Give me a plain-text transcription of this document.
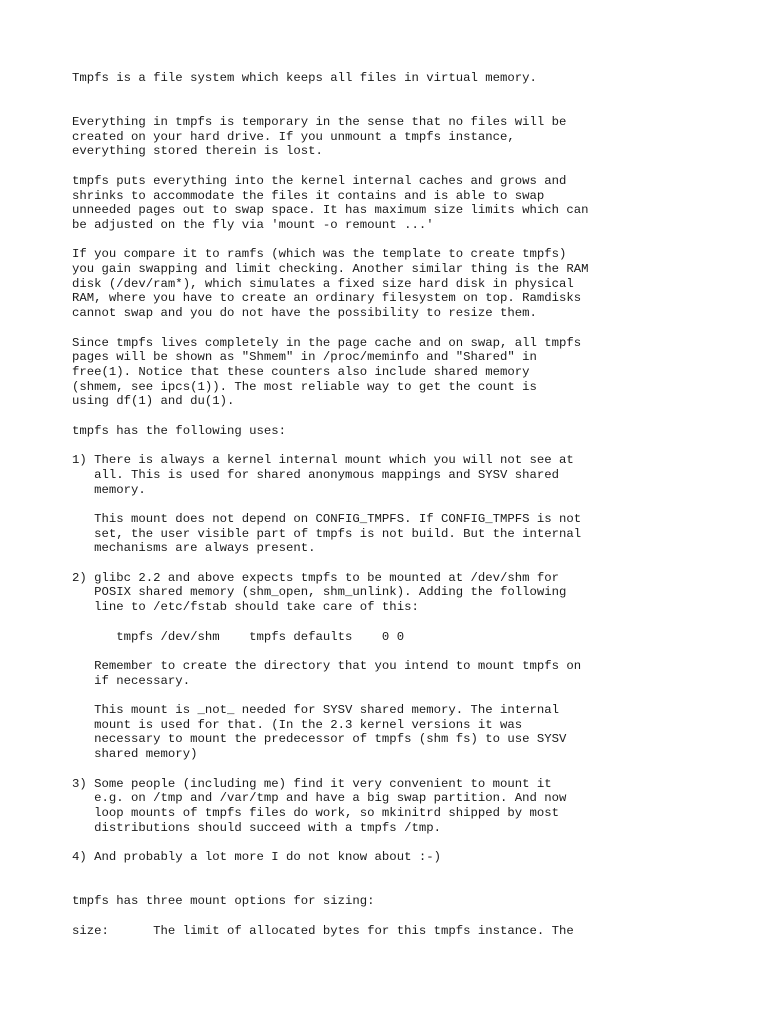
Tmpfs is a file system which keeps all files in virtual memory.
Everything in tmpfs is temporary in the sense that no files will be
created on your hard drive. If you unmount a tmpfs instance,
everything stored therein is lost.
tmpfs puts everything into the kernel internal caches and grows and
shrinks to accommodate the files it contains and is able to swap
unneeded pages out to swap space. It has maximum size limits which can
be adjusted on the fly via 'mount -o remount ...'
If you compare it to ramfs (which was the template to create tmpfs)
you gain swapping and limit checking. Another similar thing is the RAM
disk (/dev/ram*), which simulates a fixed size hard disk in physical
RAM, where you have to create an ordinary filesystem on top. Ramdisks
cannot swap and you do not have the possibility to resize them.
Since tmpfs lives completely in the page cache and on swap, all tmpfs
pages will be shown as "Shmem" in /proc/meminfo and "Shared" in
free(1). Notice that these counters also include shared memory
(shmem, see ipcs(1)). The most reliable way to get the count is
using df(1) and du(1).
tmpfs has the following uses:
1) There is always a kernel internal mount which you will not see at
all. This is used for shared anonymous mappings and SYSV shared
memory.
This mount does not depend on CONFIG_TMPFS. If CONFIG_TMPFS is not
set, the user visible part of tmpfs is not build. But the internal
mechanisms are always present.
2) glibc 2.2 and above expects tmpfs to be mounted at /dev/shm for
POSIX shared memory (shm_open, shm_unlink). Adding the following
line to /etc/fstab should take care of this:
tmpfs /dev/shm    tmpfs defaults    0 0
Remember to create the directory that you intend to mount tmpfs on
if necessary.
This mount is _not_ needed for SYSV shared memory. The internal
mount is used for that. (In the 2.3 kernel versions it was
necessary to mount the predecessor of tmpfs (shm fs) to use SYSV
shared memory)
3) Some people (including me) find it very convenient to mount it
e.g. on /tmp and /var/tmp and have a big swap partition. And now
loop mounts of tmpfs files do work, so mkinitrd shipped by most
distributions should succeed with a tmpfs /tmp.
4) And probably a lot more I do not know about :-)
tmpfs has three mount options for sizing:
size:      The limit of allocated bytes for this tmpfs instance. The
